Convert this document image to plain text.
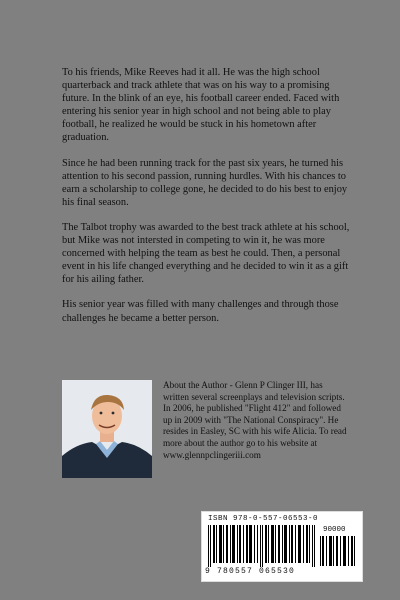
To his friends, Mike Reeves had it all. He was the high school quarterback and track athlete that was on his way to a promising future. In the blink of an eye, his football career ended. Faced with entering his senior year in high school and not being able to play football, he realized he would be stuck in his hometown after graduation.

Since he had been running track for the past six years, he turned his attention to his second passion, running hurdles. With his chances to earn a scholarship to college gone, he decided to do his best to enjoy his final season.

The Talbot trophy was awarded to the best track athlete at his school, but Mike was not intersted in competing to win it, he was more concerned with helping the team as best he could. Then, a personal event in his life changed everything and he decided to win it as a gift for his ailing father.

His senior year was filled with many challenges and through those challenges he became a better person.

About the Author - Glenn P Clinger III, has written several screenplays and television scripts. In 2006, he published "Flight 412" and followed up in 2009 with "The National Conspiracy". He resides in Easley, SC with his wife Alicia. To read more about the author go to his website at www.glennpclingeriii.com
ISBN 978-0-557-06553-0
90000
9 780557 065530
